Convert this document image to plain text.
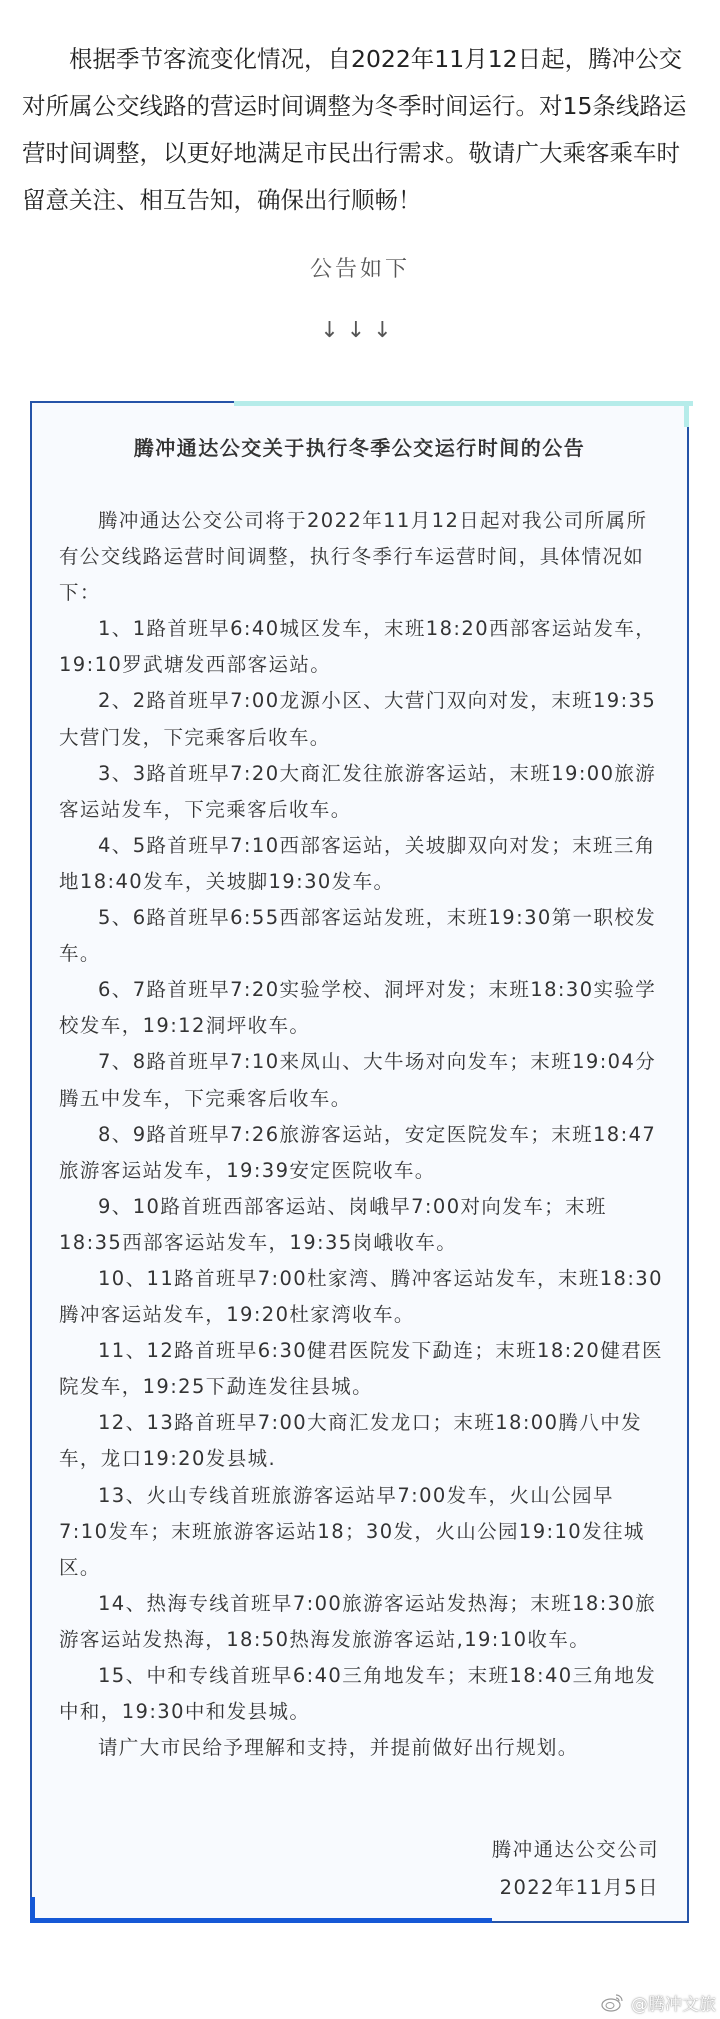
根据季节客流变化情况，自2022年11月12日起，腾冲公交对所属公交线路的营运时间调整为冬季时间运行。对15条线路运营时间调整，以更好地满足市民出行需求。敬请广大乘客乘车时留意关注、相互告知，确保出行顺畅！

公告如下
↓↓↓
腾冲通达公交关于执行冬季公交运行时间的公告

腾冲通达公交公司将于2022年11月12日起对我公司所属所有公交线路运营时间调整，执行冬季行车运营时间，具体情况如下：

1、1路首班早6:40城区发车，末班18:20西部客运站发车，19:10罗武塘发西部客运站。

2、2路首班早7:00龙源小区、大营门双向对发，末班19:35大营门发，下完乘客后收车。

3、3路首班早7:20大商汇发往旅游客运站，末班19:00旅游客运站发车，下完乘客后收车。

4、5路首班早7:10西部客运站，关坡脚双向对发；末班三角地18:40发车，关坡脚19:30发车。

5、6路首班早6:55西部客运站发班，末班19:30第一职校发车。

6、7路首班早7:20实验学校、洞坪对发；末班18:30实验学校发车，19:12洞坪收车。

7、8路首班早7:10来凤山、大牛场对向发车；末班19:04分腾五中发车，下完乘客后收车。

8、9路首班早7:26旅游客运站，安定医院发车；末班18:47旅游客运站发车，19:39安定医院收车。

9、10路首班西部客运站、岗峨早7:00对向发车；末班18:35西部客运站发车，19:35岗峨收车。

10、11路首班早7:00杜家湾、腾冲客运站发车，末班18:30腾冲客运站发车，19:20杜家湾收车。

11、12路首班早6:30健君医院发下勐连；末班18:20健君医院发车，19:25下勐连发往县城。

12、13路首班早7:00大商汇发龙口；末班18:00腾八中发车，龙口19:20发县城.

13、火山专线首班旅游客运站早7:00发车，火山公园早7:10发车；末班旅游客运站18；30发，火山公园19:10发往城区。

14、热海专线首班早7:00旅游客运站发热海；末班18:30旅游客运站发热海，18:50热海发旅游客运站,19:10收车。

15、中和专线首班早6:40三角地发车；末班18:40三角地发中和，19:30中和发县城。

请广大市民给予理解和支持，并提前做好出行规划。

腾冲通达公交公司
2022年11月5日
@腾冲文旅
